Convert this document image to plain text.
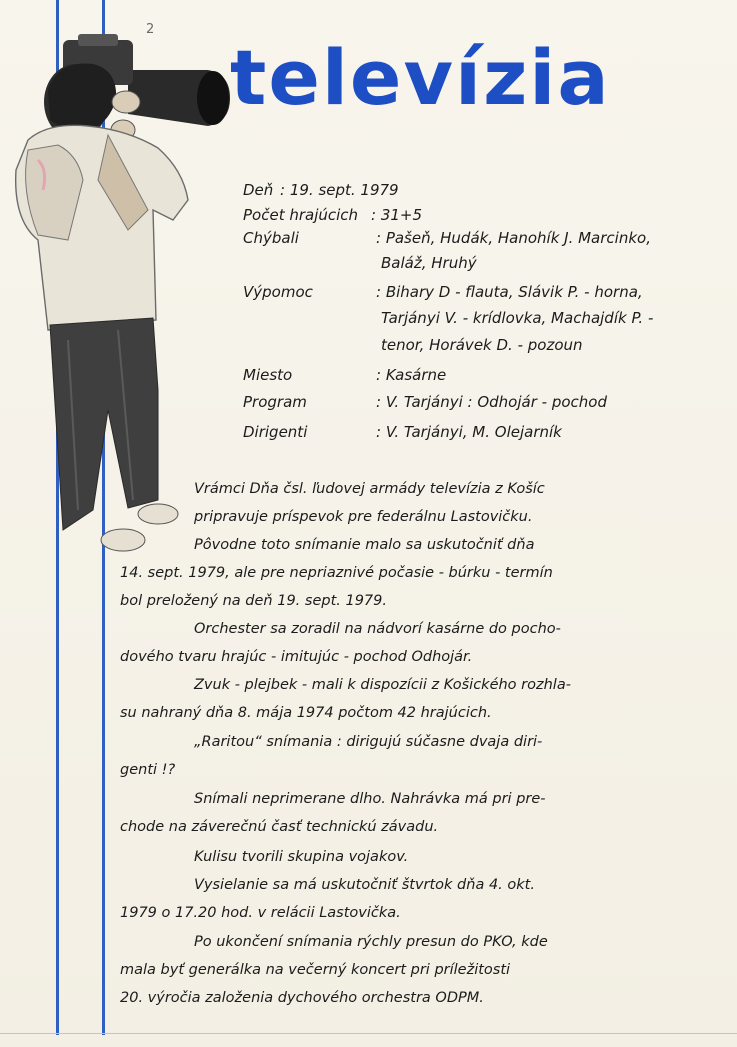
2
televízia
Deň : 19. sept. 1979
Počet hrajúcich : 31+5
Chýbali	: Pašeň, Hudák, Hanohík J. Marcinko,
Baláž, Hruhý
Výpomoc	: Bihary D - flauta, Slávik P. - horna,
Tarjányi V. - krídlovka, Machajdík P. -
tenor, Horávek D. - pozoun
Miesto	: Kasárne
Program	: V. Tarjányi : Odhojár - pochod
Dirigenti	: V. Tarjányi, M. Olejarník
Vrámci Dňa čsl. ľudovej armády televízia z Košíc
pripravuje príspevok pre federálnu Lastovičku.
Pôvodne toto snímanie malo sa uskutočniť dňa
14. sept. 1979, ale pre nepriaznivé počasie - búrku - termín
bol preložený na deň 19. sept. 1979.
Orchester sa zoradil na nádvorí kasárne do pocho-
dového tvaru hrajúc - imitujúc - pochod Odhojár.
Zvuk - plejbek - mali k dispozícii z Košického rozhla-
su nahraný dňa 8. mája 1974 počtom 42 hrajúcich.
„Raritou“ snímania : dirigujú súčasne dvaja diri-
genti !?
Snímali neprimerane dlho. Nahrávka má pri pre-
chode na záverečnú časť technickú závadu.
Kulisu tvorili skupina vojakov.
Vysielanie sa má uskutočniť štvrtok dňa 4. okt.
1979 o 17.20 hod. v relácii Lastovička.
Po ukončení snímania rýchly presun do PKO, kde
mala byť generálka na večerný koncert pri príležitosti
20. výročia založenia dychového orchestra ODPM.
